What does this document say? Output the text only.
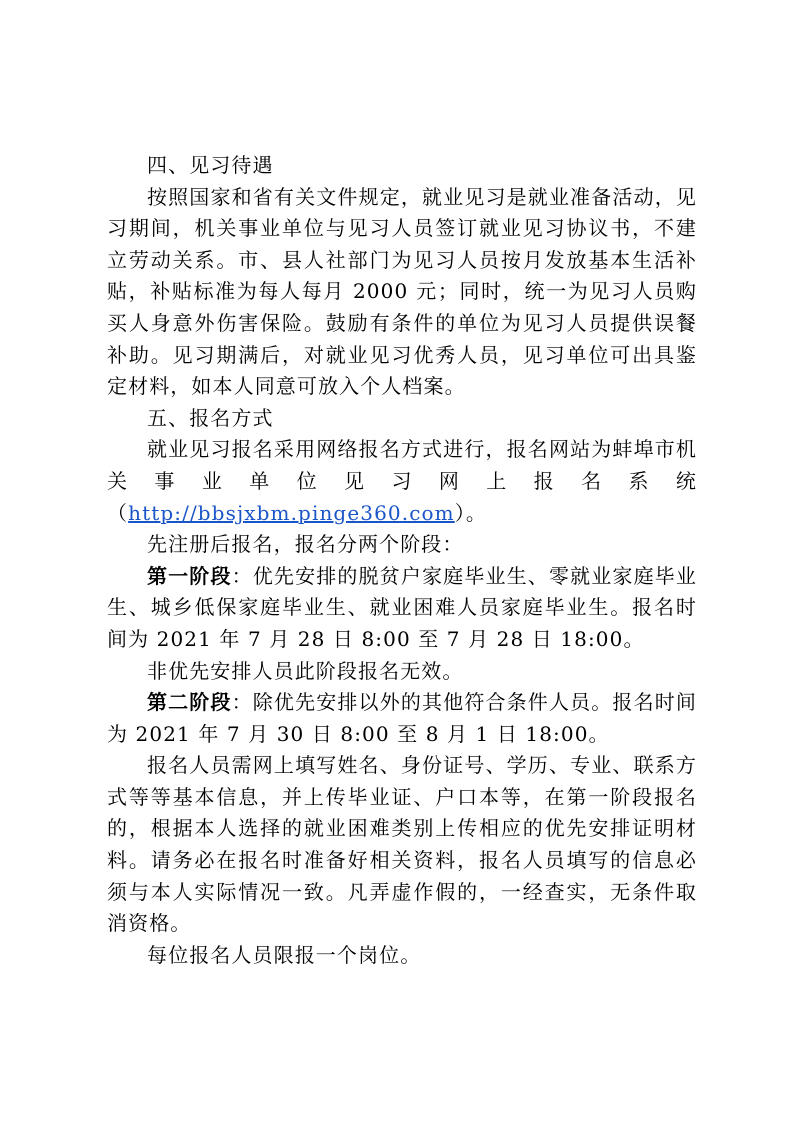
四、见习待遇

按照国家和省有关文件规定，就业见习是就业准备活动，见习期间，机关事业单位与见习人员签订就业见习协议书，不建立劳动关系。市、县人社部门为见习人员按月发放基本生活补贴，补贴标准为每人每月 2000 元；同时，统一为见习人员购买人身意外伤害保险。鼓励有条件的单位为见习人员提供误餐补助。见习期满后，对就业见习优秀人员，见习单位可出具鉴定材料，如本人同意可放入个人档案。

五、报名方式

就业见习报名采用网络报名方式进行，报名网站为蚌埠市机关事业单位见习网上报名系统（http://bbsjxbm.pinge360.com）。

先注册后报名，报名分两个阶段：

第一阶段：优先安排的脱贫户家庭毕业生、零就业家庭毕业生、城乡低保家庭毕业生、就业困难人员家庭毕业生。报名时间为 2021 年 7 月 28 日 8:00 至 7 月 28 日 18:00。

非优先安排人员此阶段报名无效。

第二阶段：除优先安排以外的其他符合条件人员。报名时间为 2021 年 7 月 30 日 8:00 至 8 月 1 日 18:00。

报名人员需网上填写姓名、身份证号、学历、专业、联系方式等等基本信息，并上传毕业证、户口本等，在第一阶段报名的，根据本人选择的就业困难类别上传相应的优先安排证明材料。请务必在报名时准备好相关资料，报名人员填写的信息必须与本人实际情况一致。凡弄虚作假的，一经查实，无条件取消资格。

每位报名人员限报一个岗位。
